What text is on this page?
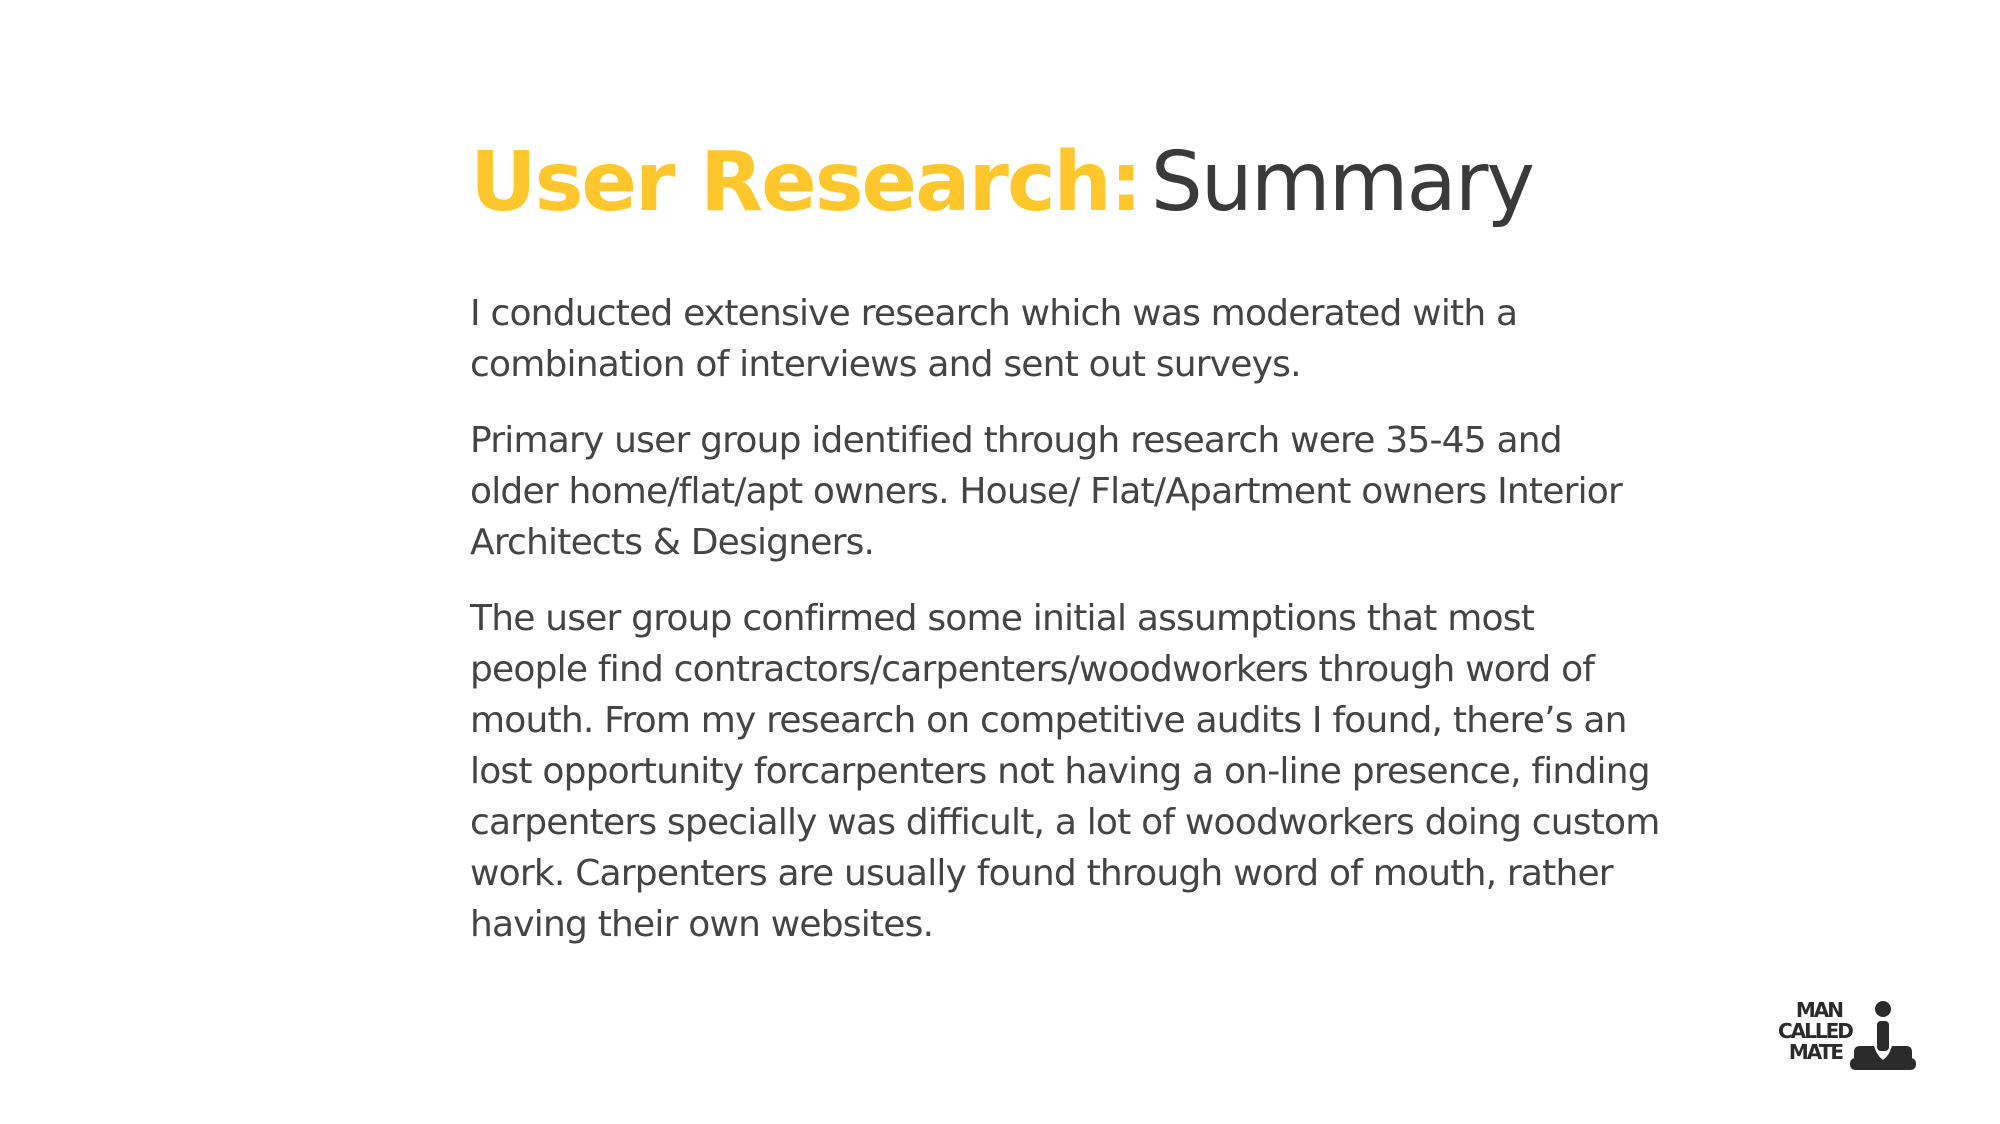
User Research: Summary

I conducted extensive research which was moderated with a combination of interviews and sent out surveys.

Primary user group identified through research were 35-45 and older home/flat/apt owners. House/ Flat/Apartment owners Interior Architects & Designers.

The user group confirmed some initial assumptions that most people find contractors/carpenters/woodworkers through word of mouth. From my research on competitive audits I found, there’s an lost opportunity forcarpenters not having a on-line presence, finding carpenters specially was difficult, a lot of woodworkers doing custom work. Carpenters are usually found through word of mouth, rather having their own websites.

MAN
CALLED
MATE
